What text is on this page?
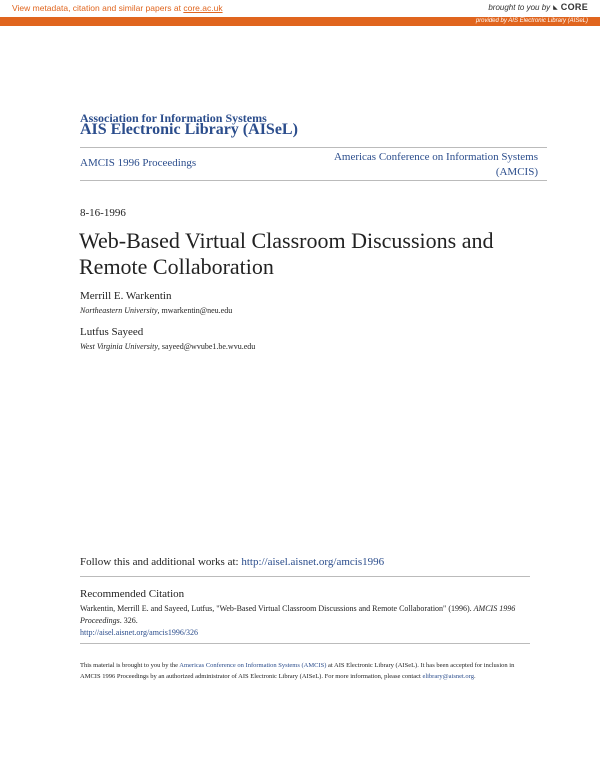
View metadata, citation and similar papers at core.ac.uk	brought to you by ◣ CORE
provided by AIS Electronic Library (AISeL)
Association for Information Systems
AIS Electronic Library (AISeL)
AMCIS 1996 Proceedings	Americas Conference on Information Systems
(AMCIS)
8-16-1996
Web-Based Virtual Classroom Discussions and Remote Collaboration
Merrill E. Warkentin
Northeastern University, mwarkentin@neu.edu
Lutfus Sayeed
West Virginia University, sayeed@wvube1.be.wvu.edu
Follow this and additional works at: http://aisel.aisnet.org/amcis1996
Recommended Citation
Warkentin, Merrill E. and Sayeed, Lutfus, "Web-Based Virtual Classroom Discussions and Remote Collaboration" (1996). AMCIS 1996 Proceedings. 326.
http://aisel.aisnet.org/amcis1996/326
This material is brought to you by the Americas Conference on Information Systems (AMCIS) at AIS Electronic Library (AISeL). It has been accepted for inclusion in AMCIS 1996 Proceedings by an authorized administrator of AIS Electronic Library (AISeL). For more information, please contact elibrary@aisnet.org.
